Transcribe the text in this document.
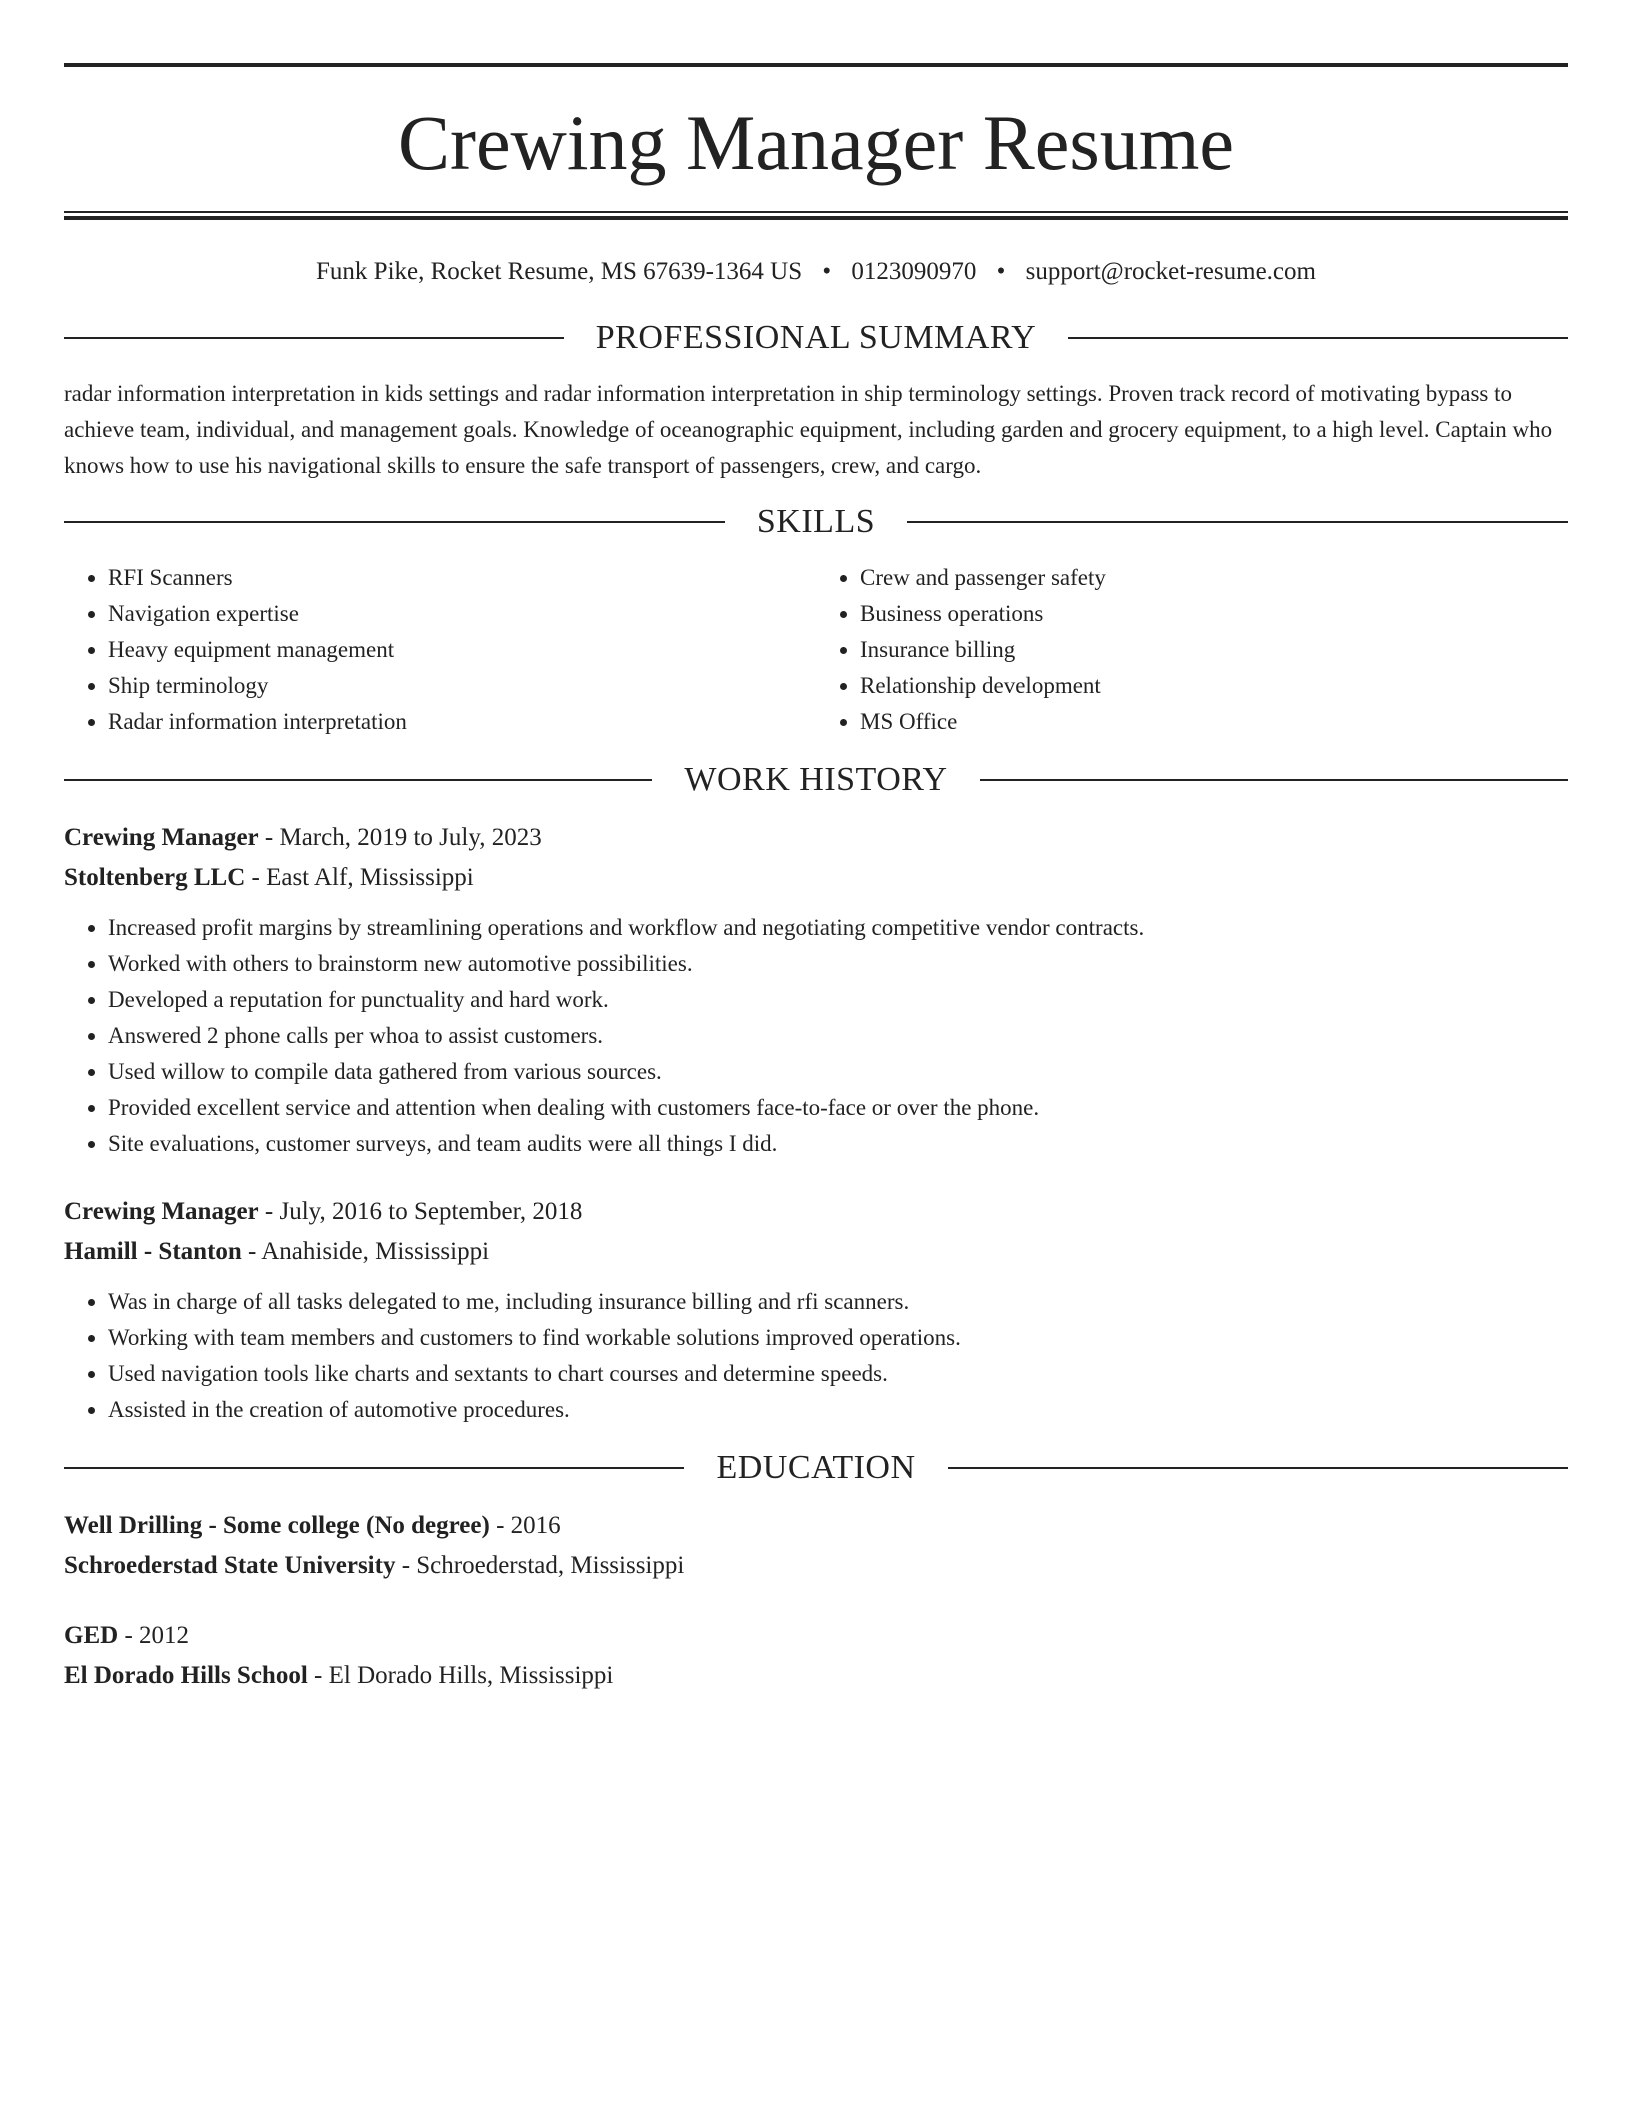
Crewing Manager Resume
Funk Pike, Rocket Resume, MS 67639-1364 US • 0123090970 • support@rocket-resume.com
PROFESSIONAL SUMMARY

radar information interpretation in kids settings and radar information interpretation in ship terminology settings. Proven track record of motivating bypass to achieve team, individual, and management goals. Knowledge of oceanographic equipment, including garden and grocery equipment, to a high level. Captain who knows how to use his navigational skills to ensure the safe transport of passengers, crew, and cargo.

SKILLS
• RFI Scanners
• Navigation expertise
• Heavy equipment management
• Ship terminology
• Radar information interpretation
• Crew and passenger safety
• Business operations
• Insurance billing
• Relationship development
• MS Office
WORK HISTORY
Crewing Manager - March, 2019 to July, 2023
Stoltenberg LLC - East Alf, Mississippi
• Increased profit margins by streamlining operations and workflow and negotiating competitive vendor contracts.
• Worked with others to brainstorm new automotive possibilities.
• Developed a reputation for punctuality and hard work.
• Answered 2 phone calls per whoa to assist customers.
• Used willow to compile data gathered from various sources.
• Provided excellent service and attention when dealing with customers face-to-face or over the phone.
• Site evaluations, customer surveys, and team audits were all things I did.
Crewing Manager - July, 2016 to September, 2018
Hamill - Stanton - Anahiside, Mississippi
• Was in charge of all tasks delegated to me, including insurance billing and rfi scanners.
• Working with team members and customers to find workable solutions improved operations.
• Used navigation tools like charts and sextants to chart courses and determine speeds.
• Assisted in the creation of automotive procedures.
EDUCATION
Well Drilling - Some college (No degree) - 2016
Schroederstad State University - Schroederstad, Mississippi
GED - 2012
El Dorado Hills School - El Dorado Hills, Mississippi
